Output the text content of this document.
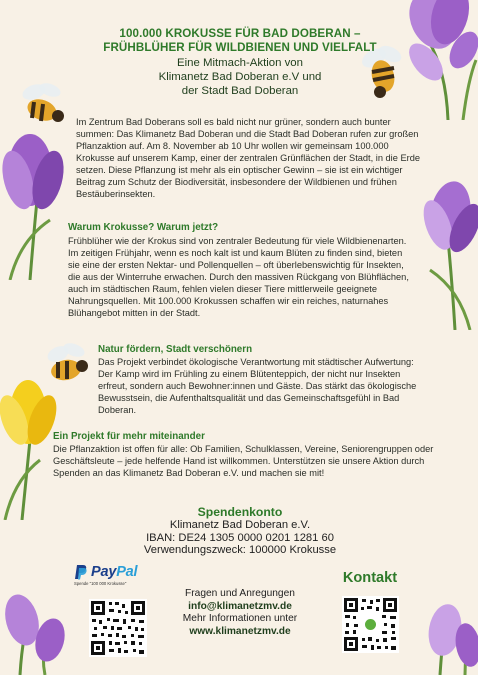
100.000 KROKUSSE FÜR BAD DOBERAN –
FRÜHBLÜHER FÜR WILDBIENEN UND VIELFALT
Eine Mitmach-Aktion von
Klimanetz Bad Doberan e.V und
der Stadt Bad Doberan
Im Zentrum Bad Doberans soll es bald nicht nur grüner, sondern auch bunter summen: Das Klimanetz Bad Doberan und die Stadt Bad Doberan rufen zur großen Pflanzaktion auf. Am 8. November ab 10 Uhr wollen wir gemeinsam 100.000 Krokusse auf unserem Kamp, einer der zentralen Grünflächen der Stadt, in die Erde setzen. Diese Pflanzung ist mehr als ein optischer Gewinn – sie ist ein wichtiger Beitrag zum Schutz der Biodiversität, insbesondere der Wildbienen und frühen Bestäuberinsekten.
Warum Krokusse? Warum jetzt?
Frühblüher wie der Krokus sind von zentraler Bedeutung für viele Wildbienenarten. Im zeitigen Frühjahr, wenn es noch kalt ist und kaum Blüten zu finden sind, bieten sie eine der ersten Nektar- und Pollenquellen – oft überlebenswichtig für Insekten, die aus der Winterruhe erwachen. Durch den massiven Rückgang von Blühflächen, auch im städtischen Raum, fehlen vielen dieser Tiere mittlerweile geeignete Nahrungsquellen. Mit 100.000 Krokussen schaffen wir ein reiches, naturnahes Blühangebot mitten in der Stadt.
Natur fördern, Stadt verschönern
Das Projekt verbindet ökologische Verantwortung mit städtischer Aufwertung: Der Kamp wird im Frühling zu einem Blütenteppich, der nicht nur Insekten erfreut, sondern auch Bewohner:innen und Gäste. Das stärkt das ökologische Bewusstsein, die Aufenthaltsqualität und das Gemeinschaftsgefühl in Bad Doberan.
Ein Projekt für mehr miteinander
Die Pflanzaktion ist offen für alle: Ob Familien, Schulklassen, Vereine, Seniorengruppen oder Geschäftsleute – jede helfende Hand ist willkommen. Unterstützen sie unsere Aktion durch Spenden an das Klimanetz Bad Doberan e.V. und machen sie mit!
Spendenkonto
Klimanetz Bad Doberan e.V.
IBAN: DE24 1305 0000 0201 1281 60
Verwendungszweck: 100000 Krokusse
PayPal
Spende "100 000 Krokusse"
Fragen und Anregungen
info@klimanetzmv.de
Mehr Informationen unter
www.klimanetzmv.de
Kontakt
